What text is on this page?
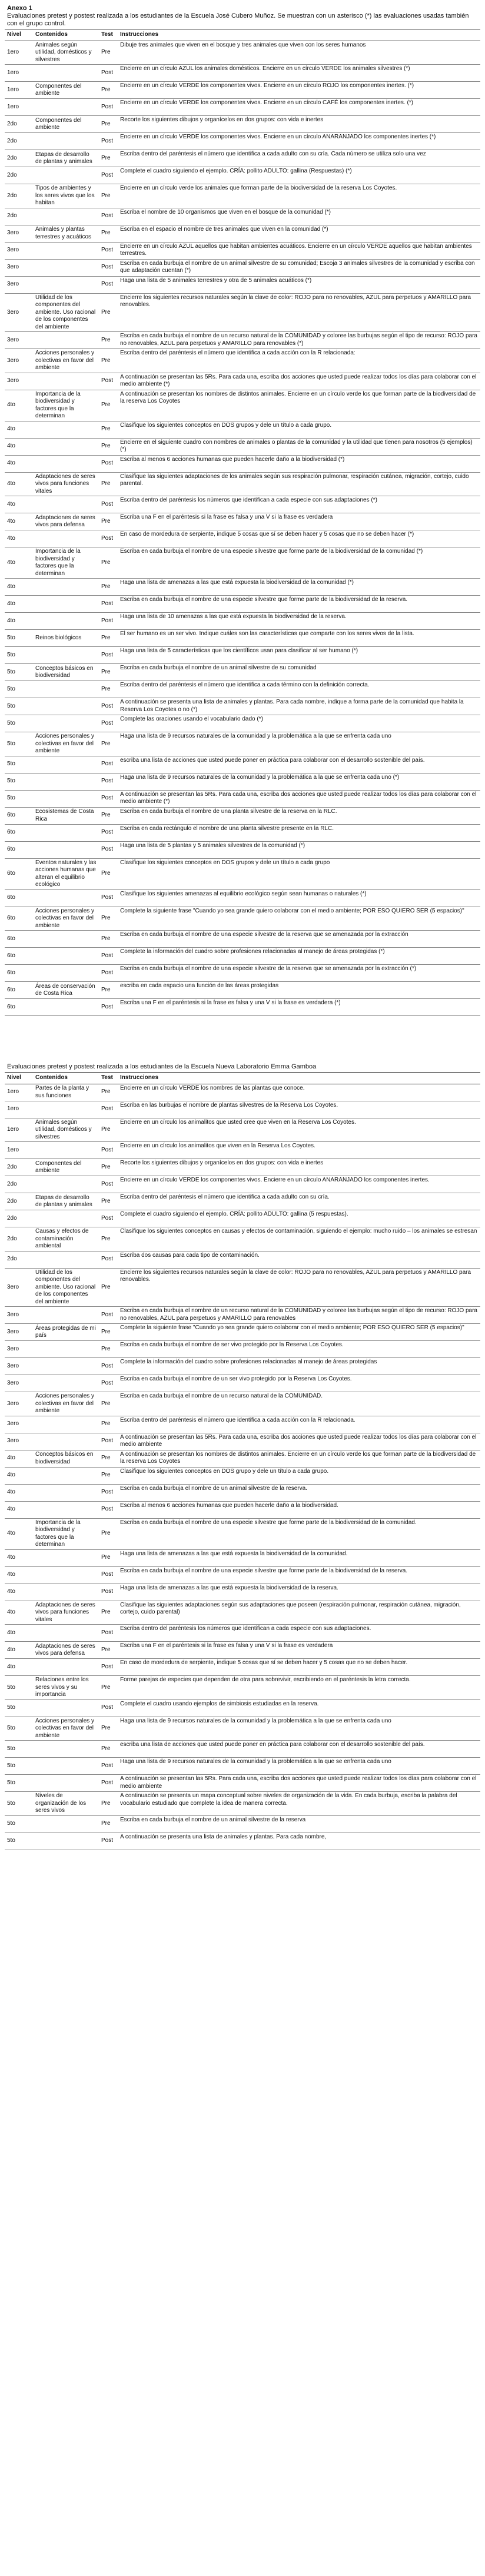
Anexo 1
Evaluaciones pretest y postest realizada a los estudiantes de la Escuela José Cubero Muñoz. Se muestran con un asterisco (*) las evaluaciones usadas también con el grupo control.
Nivel	Contenidos	Test	Instrucciones
1ero	Animales según utilidad, domésticos y silvestres	Pre	Dibuje tres animales que viven en el bosque y tres animales que viven con los seres humanos
1ero		Post	Encierre en un círculo AZUL los animales domésticos. Encierre en un círculo VERDE los animales silvestres (*)
1ero	Componentes del ambiente	Pre	Encierre en un círculo VERDE los componentes vivos. Encierre en un círculo ROJO los componentes inertes. (*)
1ero		Post	Encierre en un círculo VERDE los componentes vivos. Encierre en un círculo CAFÉ los componentes inertes. (*)
2do	Componentes del ambiente	Pre	Recorte los siguientes dibujos y organícelos en dos grupos: con vida e inertes
2do		Post	Encierre en un círculo VERDE los componentes vivos. Encierre en un círculo ANARANJADO los componentes inertes (*)
2do	Etapas de desarrollo de plantas y animales	Pre	Escriba dentro del paréntesis el número que identifica a cada adulto con su cría. Cada número se utiliza solo una vez
2do		Post	Complete el cuadro siguiendo el ejemplo. CRÍA: pollito ADULTO: gallina (Respuestas) (*)
2do	Tipos de ambientes y los seres vivos que los habitan	Pre	Encierre en un círculo verde los animales que forman parte de la biodiversidad de la reserva Los Coyotes.
2do		Post	Escriba el nombre de 10 organismos que viven en el bosque de la comunidad (*)
3ero	Animales y plantas terrestres y acuáticos	Pre	Escriba en el espacio el nombre de tres animales que viven en la comunidad (*)
3ero		Post	Encierre en un círculo AZUL aquellos que habitan ambientes acuáticos. Encierre en un círculo VERDE aquellos que habitan ambientes terrestres.
3ero		Post	Escriba en cada burbuja el nombre de un animal silvestre de su comunidad; Escoja 3 animales silvestres de la comunidad y escriba con que adaptación cuentan (*)
3ero		Post	Haga una lista de 5 animales terrestres y otra de 5 animales acuáticos (*)
3ero	Utilidad de los componentes del ambiente. Uso racional de los componentes del ambiente	Pre	Encierre los siguientes recursos naturales según la clave de color: ROJO para no renovables, AZUL para perpetuos y AMARILLO para renovables.
3ero		Pre	Escriba en cada burbuja el nombre de un recurso natural de la COMUNIDAD y coloree las burbujas según el tipo de recurso: ROJO para no renovables, AZUL para perpetuos y AMARILLO para renovables (*)
3ero	Acciones personales y colectivas en favor del ambiente	Pre	Escriba dentro del paréntesis el número que identifica a cada acción con la R relacionada:
3ero		Post	A continuación se presentan las 5Rs. Para cada una, escriba dos acciones que usted puede realizar todos los días para colaborar con el medio ambiente (*)
4to	Importancia de la biodiversidad y factores que la determinan	Pre	A continuación se presentan los nombres de distintos animales. Encierre en un círculo verde los que forman parte de la biodiversidad de la reserva Los Coyotes
4to		Pre	Clasifique los siguientes conceptos en DOS grupos y dele un título a cada grupo.
4to		Pre	Encierre en el siguiente cuadro con nombres de animales o plantas de la comunidad y la utilidad que tienen para nosotros (5 ejemplos) (*)
4to		Post	Escriba al menos 6 acciones humanas que pueden hacerle daño a la biodiversidad (*)
4to	Adaptaciones de seres vivos para funciones vitales	Pre	Clasifique las siguientes adaptaciones de los animales según sus respiración pulmonar, respiración cutánea, migración, cortejo, cuido parental.
4to		Post	Escriba dentro del paréntesis los números que identifican a cada especie con sus adaptaciones (*)
4to	Adaptaciones de seres vivos para defensa	Pre	Escriba una F en el paréntesis si la frase es falsa y una V si la frase es verdadera
4to		Post	En caso de mordedura de serpiente, indique 5 cosas que sí se deben hacer y 5 cosas que no se deben hacer (*)
4to	Importancia de la biodiversidad y factores que la determinan	Pre	Escriba en cada burbuja el nombre de una especie silvestre que forme parte de la biodiversidad de la comunidad (*)
4to		Pre	Haga una lista de amenazas a las que está expuesta la biodiversidad de la comunidad (*)
4to		Post	Escriba en cada burbuja el nombre de una especie silvestre que forme parte de la biodiversidad de la reserva.
4to		Post	Haga una lista de 10 amenazas a las que está expuesta la biodiversidad de la reserva.
5to	Reinos biológicos	Pre	El ser humano es un ser vivo. Indique cuáles son las características que comparte con los seres vivos de la lista.
5to		Post	Haga una lista de 5 características que los científicos usan para clasificar al ser humano (*)
5to	Conceptos básicos en biodiversidad	Pre	Escriba en cada burbuja el nombre de un animal silvestre de su comunidad
5to		Pre	Escriba dentro del paréntesis el número que identifica a cada término con la definición correcta.
5to		Post	A continuación se presenta una lista de animales y plantas. Para cada nombre, indique a forma parte de la comunidad que habita la Reserva Los Coyotes o no (*)
5to		Post	Complete las oraciones usando el vocabulario dado (*)
5to	Acciones personales y colectivas en favor del ambiente	Pre	Haga una lista de 9 recursos naturales de la comunidad y la problemática a la que se enfrenta cada uno
5to		Post	escriba una lista de acciones que usted puede poner en práctica para colaborar con el desarrollo sostenible del país.
5to		Post	Haga una lista de 9 recursos naturales de la comunidad y la problemática a la que se enfrenta cada uno (*)
5to		Post	A continuación se presentan las 5Rs. Para cada una, escriba dos acciones que usted puede realizar todos los días para colaborar con el medio ambiente (*)
6to	Ecosistemas de Costa Rica	Pre	Escriba en cada burbuja el nombre de una planta silvestre de la reserva en la RLC.
6to		Post	Escriba en cada rectángulo el nombre de una planta silvestre presente en la RLC.
6to		Post	Haga una lista de 5 plantas y 5 animales silvestres de la comunidad (*)
6to	Eventos naturales y las acciones humanas que alteran el equilibrio ecológico	Pre	Clasifique los siguientes conceptos en DOS grupos y dele un título a cada grupo
6to		Post	Clasifique los siguientes amenazas al equilibrio ecológico según sean humanas o naturales (*)
6to	Acciones personales y colectivas en favor del ambiente	Pre	Complete la siguiente frase "Cuando yo sea grande quiero colaborar con el medio ambiente; POR ESO QUIERO SER (5 espacios)"
6to		Pre	Escriba en cada burbuja el nombre de una especie silvestre de la reserva que se amenazada por la extracción
6to		Post	Complete la información del cuadro sobre profesiones relacionadas al manejo de áreas protegidas (*)
6to		Post	Escriba en cada burbuja el nombre de una especie silvestre de la reserva que se amenazada por la extracción (*)
6to	Áreas de conservación de Costa Rica	Pre	escriba en cada espacio una función de las áreas protegidas
6to		Post	Escriba una F en el paréntesis si la frase es falsa y una V si la frase es verdadera (*)
Evaluaciones pretest y postest realizada a los estudiantes de la Escuela Nueva Laboratorio Emma Gamboa
Nivel	Contenidos	Test	Instrucciones
1ero	Partes de la planta y sus funciones	Pre	Encierre en un círculo VERDE los nombres de las plantas que conoce.
1ero		Post	Escriba en las burbujas el nombre de plantas silvestres de la Reserva Los Coyotes.
1ero	Animales según utilidad, domésticos y silvestres	Pre	Encierre en un círculo los animalitos que usted cree que viven en la Reserva Los Coyotes.
1ero		Post	Encierre en un círculo los animalitos que viven en la Reserva Los Coyotes.
2do	Componentes del ambiente	Pre	Recorte los siguientes dibujos y organícelos en dos grupos: con vida e inertes
2do		Post	Encierre en un círculo VERDE los componentes vivos. Encierre en un círculo ANARANJADO los componentes inertes.
2do	Etapas de desarrollo de plantas y animales	Pre	Escriba dentro del paréntesis el número que identifica a cada adulto con su cría.
2do		Post	Complete el cuadro siguiendo el ejemplo. CRÍA: pollito ADULTO: gallina (5 respuestas).
2do	Causas y efectos de contaminación ambiental	Pre	Clasifique los siguientes conceptos en causas y efectos de contaminación, siguiendo el ejemplo: mucho ruido – los animales se estresan
2do		Post	Escriba dos causas para cada tipo de contaminación.
3ero	Utilidad de los componentes del ambiente. Uso racional de los componentes del ambiente	Pre	Encierre los siguientes recursos naturales según la clave de color: ROJO para no renovables, AZUL para perpetuos y AMARILLO para renovables.
3ero		Post	Escriba en cada burbuja el nombre de un recurso natural de la COMUNIDAD y coloree las burbujas según el tipo de recurso: ROJO para no renovables, AZUL para perpetuos y AMARILLO para renovables
3ero	Áreas protegidas de mi país	Pre	Complete la siguiente frase "Cuando yo sea grande quiero colaborar con el medio ambiente; POR ESO QUIERO SER (5 espacios)"
3ero		Pre	Escriba en cada burbuja el nombre de ser vivo protegido por la Reserva Los Coyotes.
3ero		Post	Complete la información del cuadro sobre profesiones relacionadas al manejo de áreas protegidas
3ero		Post	Escriba en cada burbuja el nombre de un ser vivo protegido por la Reserva Los Coyotes.
3ero	Acciones personales y colectivas en favor del ambiente	Pre	Escriba en cada burbuja el nombre de un recurso natural de la COMUNIDAD.
3ero		Pre	Escriba dentro del paréntesis el número que identifica a cada acción con la R relacionada.
3ero		Post	A continuación se presentan las 5Rs. Para cada una, escriba dos acciones que usted puede realizar todos los días para colaborar con el medio ambiente
4to	Conceptos básicos en biodiversidad	Pre	A continuación se presentan los nombres de distintos animales. Encierre en un círculo verde los que forman parte de la biodiversidad de la reserva Los Coyotes
4to		Pre	Clasifique los siguientes conceptos en DOS grupo y dele un título a cada grupo.
4to		Post	Escriba en cada burbuja el nombre de un animal silvestre de la reserva.
4to		Post	Escriba al menos 6 acciones humanas que pueden hacerle daño a la biodiversidad.
4to	Importancia de la biodiversidad y factores que la determinan	Pre	Escriba en cada burbuja el nombre de una especie silvestre que forme parte de la biodiversidad de la comunidad.
4to		Pre	Haga una lista de amenazas a las que está expuesta la biodiversidad de la comunidad.
4to		Post	Escriba en cada burbuja el nombre de una especie silvestre que forme parte de la biodiversidad de la reserva.
4to		Post	Haga una lista de amenazas a las que está expuesta la biodiversidad de la reserva.
4to	Adaptaciones de seres vivos para funciones vitales	Pre	Clasifique las siguientes adaptaciones según sus adaptaciones que poseen (respiración pulmonar, respiración cutánea, migración, cortejo, cuido parental)
4to		Post	Escriba dentro del paréntesis los números que identifican a cada especie con sus adaptaciones.
4to	Adaptaciones de seres vivos para defensa	Pre	Escriba una F en el paréntesis si la frase es falsa y una V si la frase es verdadera
4to		Post	En caso de mordedura de serpiente, indique 5 cosas que sí se deben hacer y 5 cosas que no se deben hacer.
5to	Relaciones entre los seres vivos y su importancia	Pre	Forme parejas de especies que dependen de otra para sobrevivir, escribiendo en el paréntesis la letra correcta.
5to		Post	Complete el cuadro usando ejemplos de simbiosis estudiadas en la reserva.
5to	Acciones personales y colectivas en favor del ambiente	Pre	Haga una lista de 9 recursos naturales de la comunidad y la problemática a la que se enfrenta cada uno
5to		Pre	escriba una lista de acciones que usted puede poner en práctica para colaborar con el desarrollo sostenible del país.
5to		Post	Haga una lista de 9 recursos naturales de la comunidad y la problemática a la que se enfrenta cada uno
5to		Post	A continuación se presentan las 5Rs. Para cada una, escriba dos acciones que usted puede realizar todos los días para colaborar con el medio ambiente
5to	Niveles de organización de los seres vivos	Pre	A continuación se presenta un mapa conceptual sobre niveles de organización de la vida. En cada burbuja, escriba la palabra del vocabulario estudiado que complete la idea de manera correcta.
5to		Pre	Escriba en cada burbuja el nombre de un animal silvestre de la reserva
5to		Post	A continuación se presenta una lista de animales y plantas. Para cada nombre,
